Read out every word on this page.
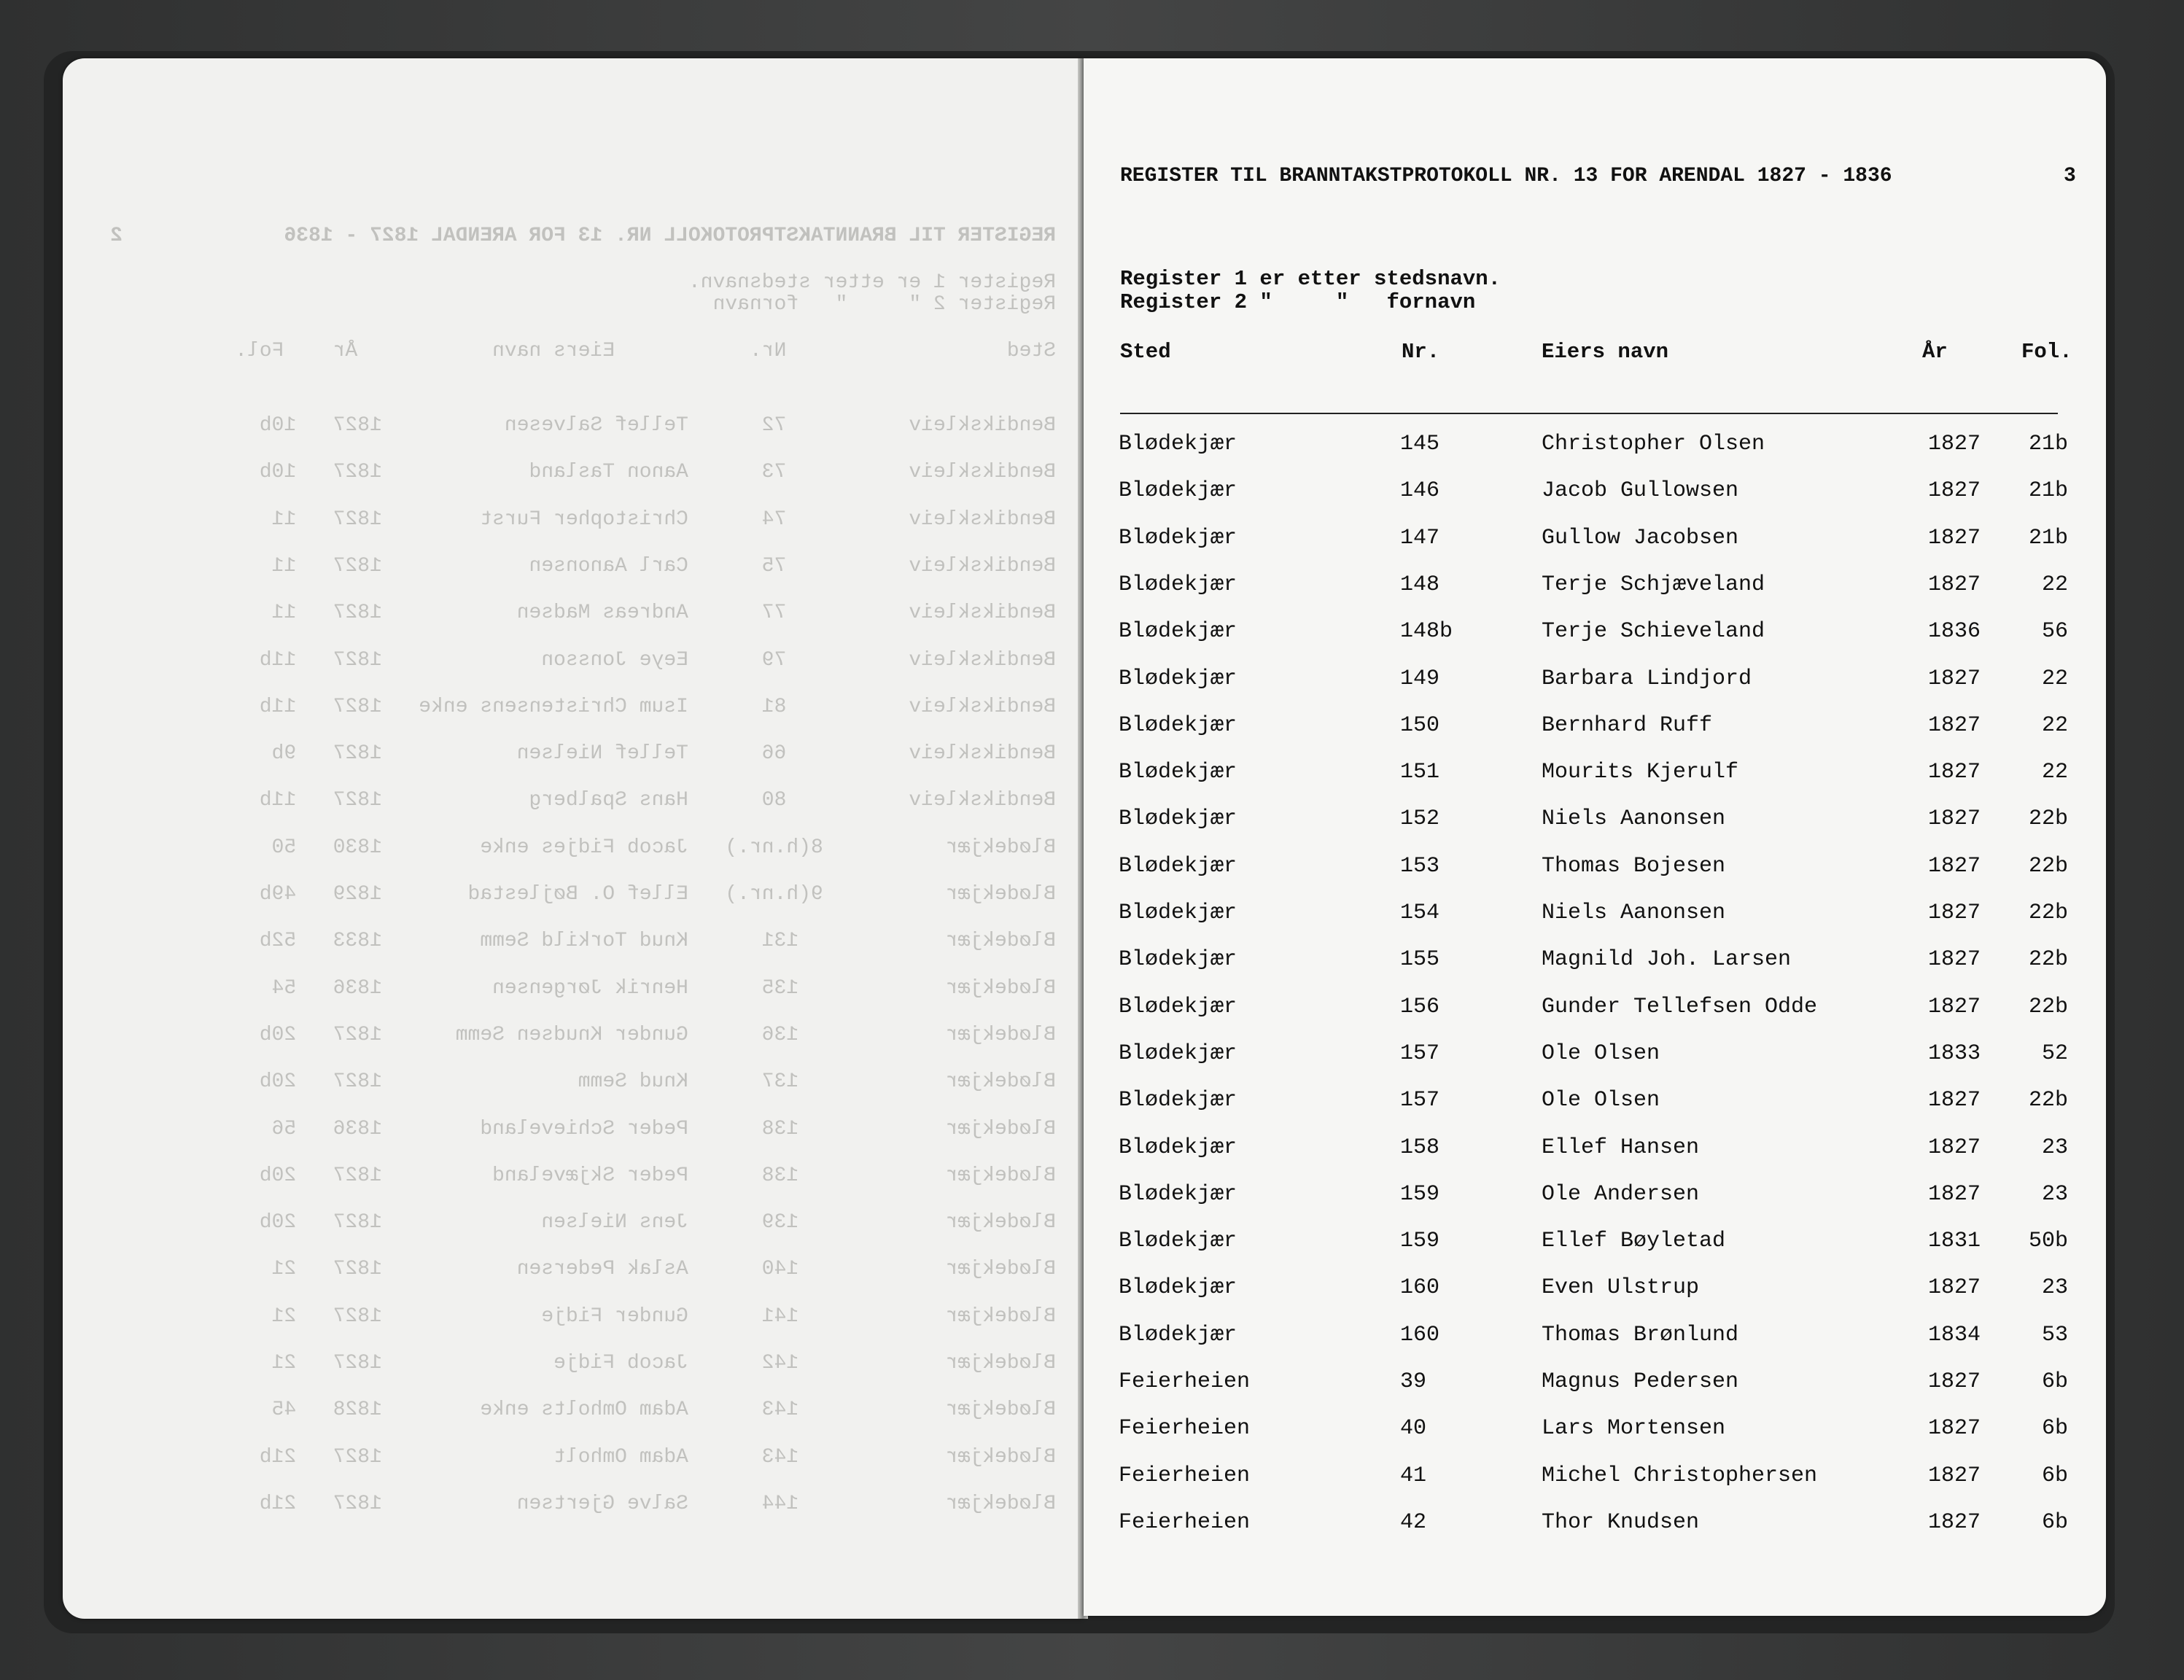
REGISTER TIL BRANNTAKSTPROTOKOLL NR. 13 FOR ARENDAL 1827 - 1836
2
Register 1 er etter stedsnavn.
Register 2 "     "   fornavn
Sted                  Nr.           Eiers navn           År    Fol.
Bendikskleiv          72      Tellef Salvesen          1827   10b
Bendikskleiv          73      Aanon Tasland            1827   10b
Bendikskleiv          74      Christopher Furst        1827   11
Bendikskleiv          75      Carl Aanonsen            1827   11
Bendikskleiv          77      Andreas Madsen           1827   11
Bendikskleiv          79      Eeye Jonsson             1827   11b
Bendikskleiv          81      Isum Christensens enke   1827   11b
Bendikskleiv          66      Tellef Nielsen           1827   9b
Bendikskleiv          80      Hans Spalberg            1827   11b
Blødekjær          8(h.nr.)   Jacob Fidjes enke        1830   50
Blødekjær          9(h.nr.)   Ellef O. Bøjlestad       1829   49b
Blødekjær            131      Knud Torkild Semm        1833   52b
Blødekjær            135      Henrik Jørgensen         1836   54
Blødekjær            136      Gunder Knudsen Semm      1827   20b
Blødekjær            137      Knud Semm                1827   20b
Blødekjær            138      Peder Schieveland        1836   56
Blødekjær            138      Peder Skjæveland         1827   20b
Blødekjær            139      Jens Nielsen             1827   20b
Blødekjær            140      Aslak Pedersen           1827   21
Blødekjær            141      Gunder Fidje             1827   21
Blødekjær            142      Jacob Fidje              1827   21
Blødekjær            143      Adam Omholts enke        1828   45
Blødekjær            143      Adam Omholt              1827   21b
Blødekjær            144      Salve Gjertsen           1827   21b
REGISTER TIL BRANNTAKSTPROTOKOLL NR. 13 FOR ARENDAL 1827 - 1836	3
Register 1 er etter stedsnavn.
Register 2 "     "   fornavn
Sted	Nr.	Eiers navn	År	Fol.
Blødekjær	145	Christopher Olsen	1827	21b
Blødekjær	146	Jacob Gullowsen	1827	21b
Blødekjær	147	Gullow Jacobsen	1827	21b
Blødekjær	148	Terje Schjæveland	1827	22
Blødekjær	148b	Terje Schieveland	1836	56
Blødekjær	149	Barbara Lindjord	1827	22
Blødekjær	150	Bernhard Ruff	1827	22
Blødekjær	151	Mourits Kjerulf	1827	22
Blødekjær	152	Niels Aanonsen	1827	22b
Blødekjær	153	Thomas Bojesen	1827	22b
Blødekjær	154	Niels Aanonsen	1827	22b
Blødekjær	155	Magnild Joh. Larsen	1827	22b
Blødekjær	156	Gunder Tellefsen Odde	1827	22b
Blødekjær	157	Ole Olsen	1833	52
Blødekjær	157	Ole Olsen	1827	22b
Blødekjær	158	Ellef Hansen	1827	23
Blødekjær	159	Ole Andersen	1827	23
Blødekjær	159	Ellef Bøyletad	1831	50b
Blødekjær	160	Even Ulstrup	1827	23
Blødekjær	160	Thomas Brønlund	1834	53
Feierheien	39	Magnus Pedersen	1827	6b
Feierheien	40	Lars Mortensen	1827	6b
Feierheien	41	Michel Christophersen	1827	6b
Feierheien	42	Thor Knudsen	1827	6b
